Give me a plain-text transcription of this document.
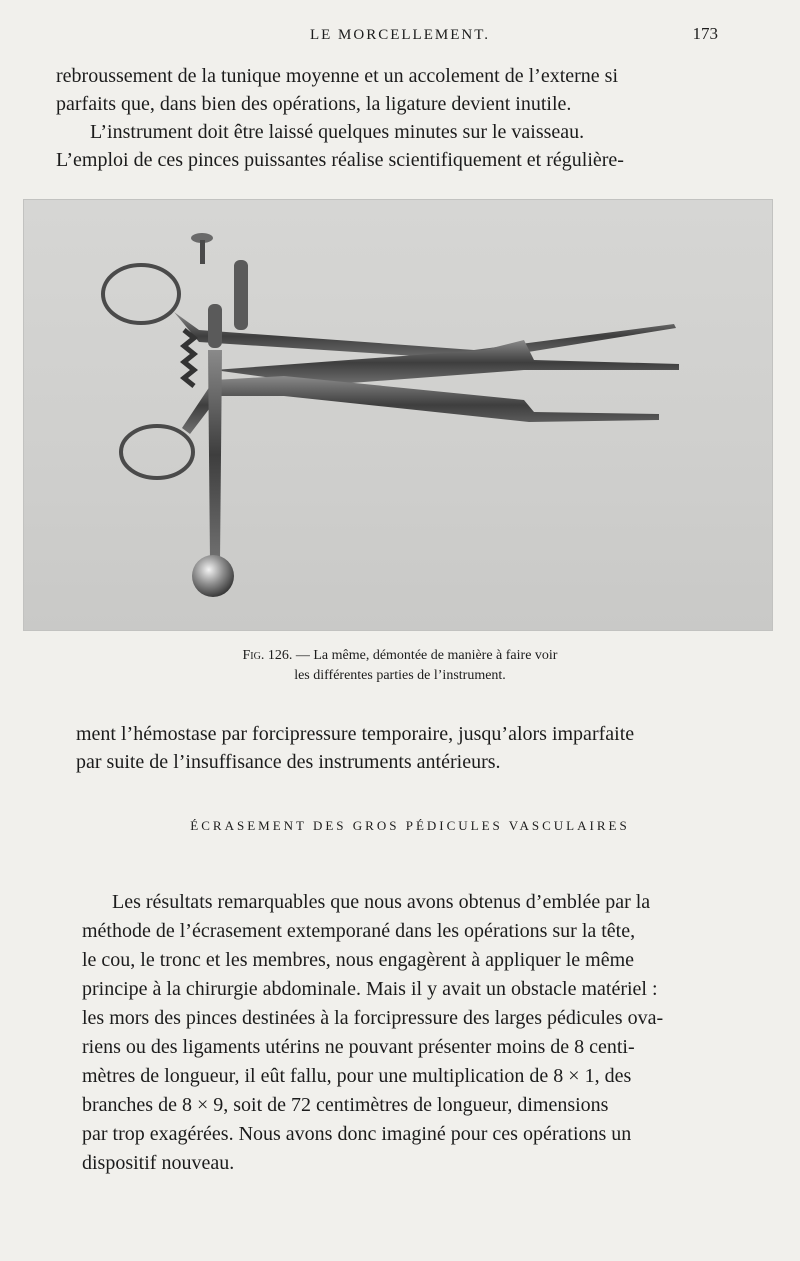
LE MORCELLEMENT.	173
rebroussement de la tunique moyenne et un accolement de l’externe si
parfaits que, dans bien des opérations, la ligature devient inutile.
L’instrument doit être laissé quelques minutes sur le vaisseau.
L’emploi de ces pinces puissantes réalise scientifiquement et régulière-
Fig. 126. — La même, démontée de manière à faire voir
les différentes parties de l’instrument.
ment l’hémostase par forcipressure temporaire, jusqu’alors imparfaite
par suite de l’insuffisance des instruments antérieurs.
ÉCRASEMENT DES GROS PÉDICULES VASCULAIRES
Les résultats remarquables que nous avons obtenus d’emblée par la
méthode de l’écrasement extemporané dans les opérations sur la tête,
le cou, le tronc et les membres, nous engagèrent à appliquer le même
principe à la chirurgie abdominale. Mais il y avait un obstacle matériel :
les mors des pinces destinées à la forcipressure des larges pédicules ova-
riens ou des ligaments utérins ne pouvant présenter moins de 8 centi-
mètres de longueur, il eût fallu, pour une multiplication de 8 × 1, des
branches de 8 × 9, soit de 72 centimètres de longueur, dimensions
par trop exagérées. Nous avons donc imaginé pour ces opérations un
dispositif nouveau.
